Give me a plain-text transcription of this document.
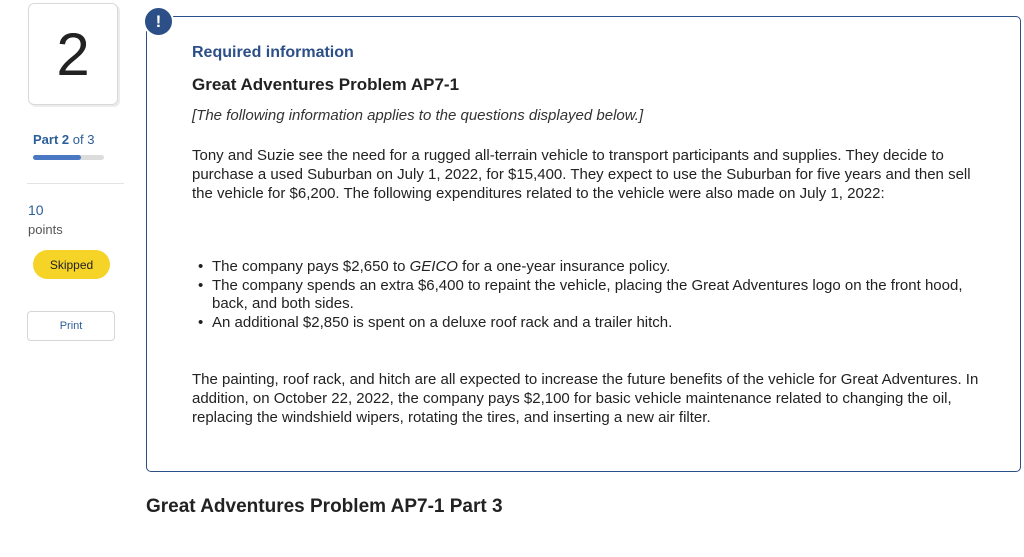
2
Part 2 of 3
10
points
Skipped
Print
!
Required information
Great Adventures Problem AP7-1
[The following information applies to the questions displayed below.]

Tony and Suzie see the need for a rugged all-terrain vehicle to transport participants and supplies. They decide to purchase a used Suburban on July 1, 2022, for $15,400. They expect to use the Suburban for five years and then sell the vehicle for $6,200. The following expenditures related to the vehicle were also made on July 1, 2022:

• The company pays $2,650 to GEICO for a one-year insurance policy.
• The company spends an extra $6,400 to repaint the vehicle, placing the Great Adventures logo on the front hood, back, and both sides.
• An additional $2,850 is spent on a deluxe roof rack and a trailer hitch.

The painting, roof rack, and hitch are all expected to increase the future benefits of the vehicle for Great Adventures. In addition, on October 22, 2022, the company pays $2,100 for basic vehicle maintenance related to changing the oil, replacing the windshield wipers, rotating the tires, and inserting a new air filter.

Great Adventures Problem AP7-1 Part 3
